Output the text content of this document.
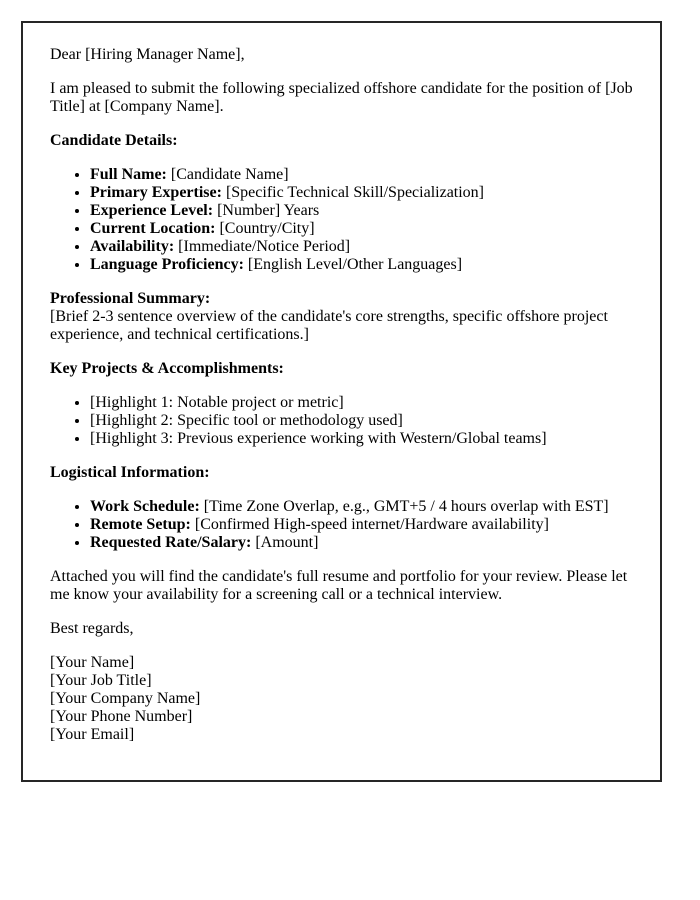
Dear [Hiring Manager Name],

I am pleased to submit the following specialized offshore candidate for the position of [Job Title] at [Company Name].

Candidate Details:

• Full Name: [Candidate Name]
• Primary Expertise: [Specific Technical Skill/Specialization]
• Experience Level: [Number] Years
• Current Location: [Country/City]
• Availability: [Immediate/Notice Period]
• Language Proficiency: [English Level/Other Languages]

Professional Summary:
[Brief 2-3 sentence overview of the candidate's core strengths, specific offshore project experience, and technical certifications.]

Key Projects & Accomplishments:

• [Highlight 1: Notable project or metric]
• [Highlight 2: Specific tool or methodology used]
• [Highlight 3: Previous experience working with Western/Global teams]

Logistical Information:

• Work Schedule: [Time Zone Overlap, e.g., GMT+5 / 4 hours overlap with EST]
• Remote Setup: [Confirmed High-speed internet/Hardware availability]
• Requested Rate/Salary: [Amount]

Attached you will find the candidate's full resume and portfolio for your review. Please let me know your availability for a screening call or a technical interview.

Best regards,

[Your Name]
[Your Job Title]
[Your Company Name]
[Your Phone Number]
[Your Email]
